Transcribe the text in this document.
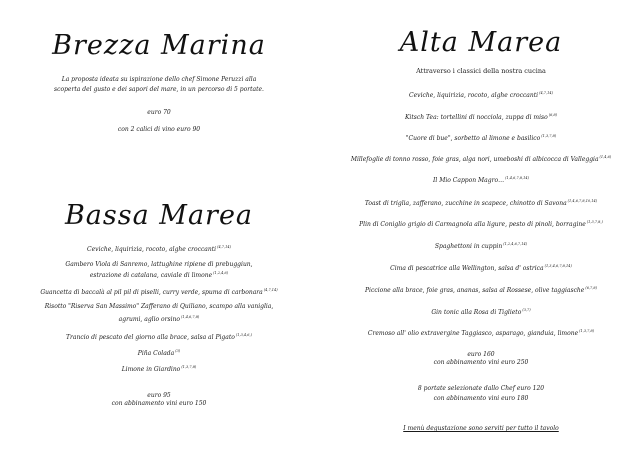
Brezza Marina
La proposta ideata su ispirazione dello chef Simone Peruzzi alla
scoperta del gusto e dei sapori del mare, in un percorso di 5 portate.
euro 70
con 2 calici di vino euro 90
Bassa Marea
Ceviche, liquirizia, rocoto, alghe croccanti$^{(4,7,14)}$
Gambero Viola di Sanremo, lattughine ripiene di prebuggiun,
estrazione di catalana, caviale di limone$^{(1,2,4,6)}$
Guancetta di baccalà al pil pil di piselli, curry verde, spuma di carbonara$^{(4,7,14)}$
Risotto "Riserva San Massimo" Zafferano di Quiliano, scampo alla vaniglia,
agrumi, aglio orsino$^{(1,4,6,7,8)}$
Trancio di pescato del giorno alla brace, salsa al Pigato$^{(1,3,4,6,)}$
Piña Colada$^{(3)}$
Limone in Giardino$^{(1,3,7,8)}$
euro 95
con abbinamento vini euro 150
Alta Marea
Attraverso i classici della nostra cucina
Ceviche, liquirizia, rocoto, alghe croccanti$^{(4,7,14)}$
Kitsch Tea: tortellini di nocciola, zuppa di miso$^{(6,8)}$
"Cuore di bue", sorbetto al limone e basilico$^{(1,3,7,8)}$
Millefoglie di tonno rosso, foie gras, alga nori, umeboshi di albicocca di Valleggia$^{(1,4,6)}$
Il Mio Cappon Magro…$^{(1,4,6,7,8,14)}$
Toast di triglia, zafferano, zucchine in scapece, chinotto di Savona$^{(1,4,6,7,8,10,14)}$
Plin di Coniglio grigio di Carmagnola alla ligure, pesto di pinoli, borragine$^{(1,3,7,8,)}$
Spaghettoni in cuppin$^{(1,2,4,6,7,14)}$
Cima di pescatrice alla Wellington, salsa d' ostrica$^{(1,3,4,6,7,8,14)}$
Piccione alla brace, foie gras, ananas, salsa al Rossese, olive taggiasche$^{(6,7,8)}$
Gin tonic alla Rosa di Tiglieto$^{(3,7)}$
Cremoso all' olio extravergine Taggiasco, asparago, gianduia, limone$^{(1,3,7,8)}$
euro 160
con abbinamento vini euro 250
8 portate selezionate dallo Chef euro 120
con abbinamento vini euro 180
I menù degustazione sono serviti per tutto il tavolo
